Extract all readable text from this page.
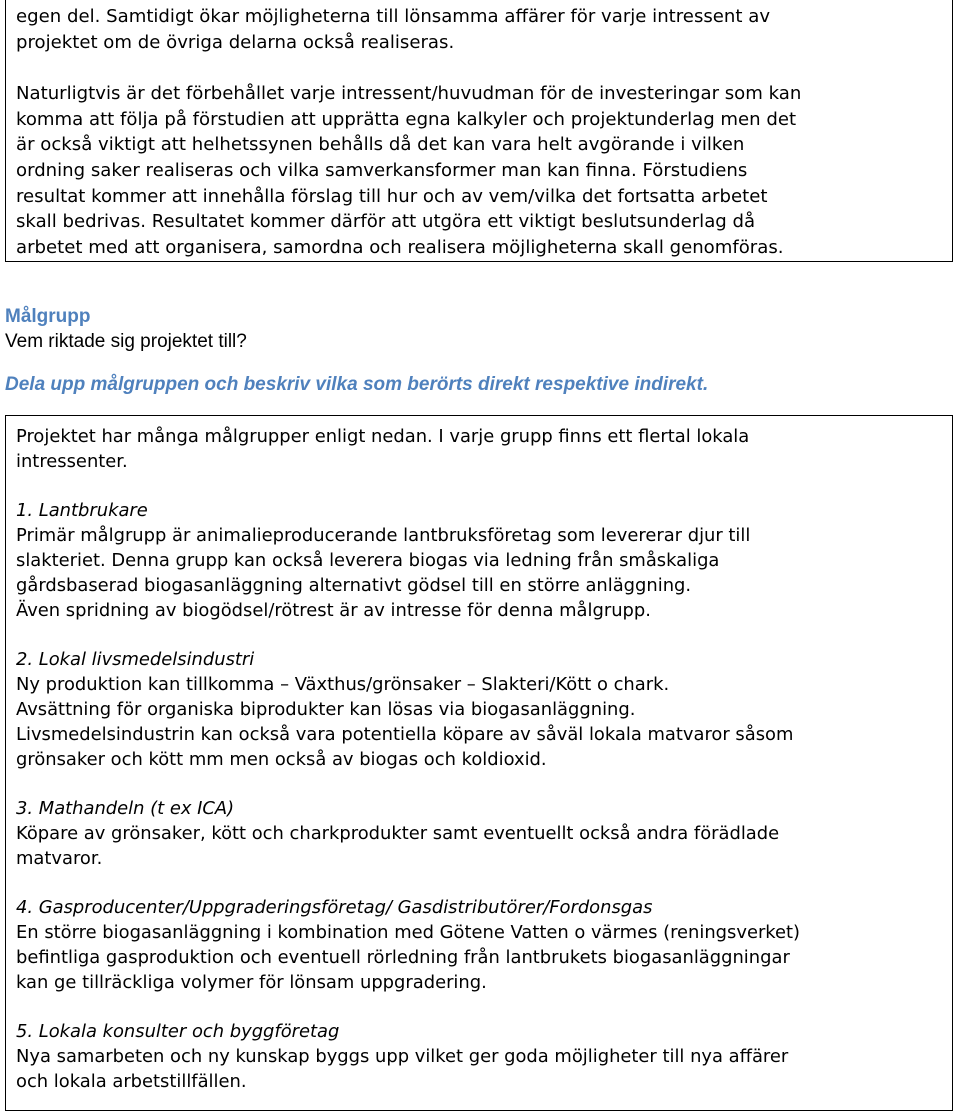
egen del. Samtidigt ökar möjligheterna till lönsamma affärer för varje intressent av

projektet om de övriga delarna också realiseras.

Naturligtvis är det förbehållet varje intressent/huvudman för de investeringar som kan

komma att följa på förstudien att upprätta egna kalkyler och projektunderlag men det

är också viktigt att helhetssynen behålls då det kan vara helt avgörande i vilken

ordning saker realiseras och vilka samverkansformer man kan finna. Förstudiens

resultat kommer att innehålla förslag till hur och av vem/vilka det fortsatta arbetet

skall bedrivas. Resultatet kommer därför att utgöra ett viktigt beslutsunderlag då

arbetet med att organisera, samordna och realisera möjligheterna skall genomföras.

Målgrupp
Vem riktade sig projektet till?
Dela upp målgruppen och beskriv vilka som berörts direkt respektive indirekt.

Projektet har många målgrupper enligt nedan. I varje grupp finns ett flertal lokala

intressenter.

1. Lantbrukare

Primär målgrupp är animalieproducerande lantbruksföretag som levererar djur till

slakteriet. Denna grupp kan också leverera biogas via ledning från småskaliga

gårdsbaserad biogasanläggning alternativt gödsel till en större anläggning.

Även spridning av biogödsel/rötrest är av intresse för denna målgrupp.

2. Lokal livsmedelsindustri

Ny produktion kan tillkomma – Växthus/grönsaker – Slakteri/Kött o chark.

Avsättning för organiska biprodukter kan lösas via biogasanläggning.

Livsmedelsindustrin kan också vara potentiella köpare av såväl lokala matvaror såsom

grönsaker och kött mm men också av biogas och koldioxid.

3. Mathandeln (t ex ICA)

Köpare av grönsaker, kött och charkprodukter samt eventuellt också andra förädlade

matvaror.

4. Gasproducenter/Uppgraderingsföretag/ Gasdistributörer/Fordonsgas

En större biogasanläggning i kombination med Götene Vatten o värmes (reningsverket)

befintliga gasproduktion och eventuell rörledning från lantbrukets biogasanläggningar

kan ge tillräckliga volymer för lönsam uppgradering.

5. Lokala konsulter och byggföretag

Nya samarbeten och ny kunskap byggs upp vilket ger goda möjligheter till nya affärer

och lokala arbetstillfällen.
